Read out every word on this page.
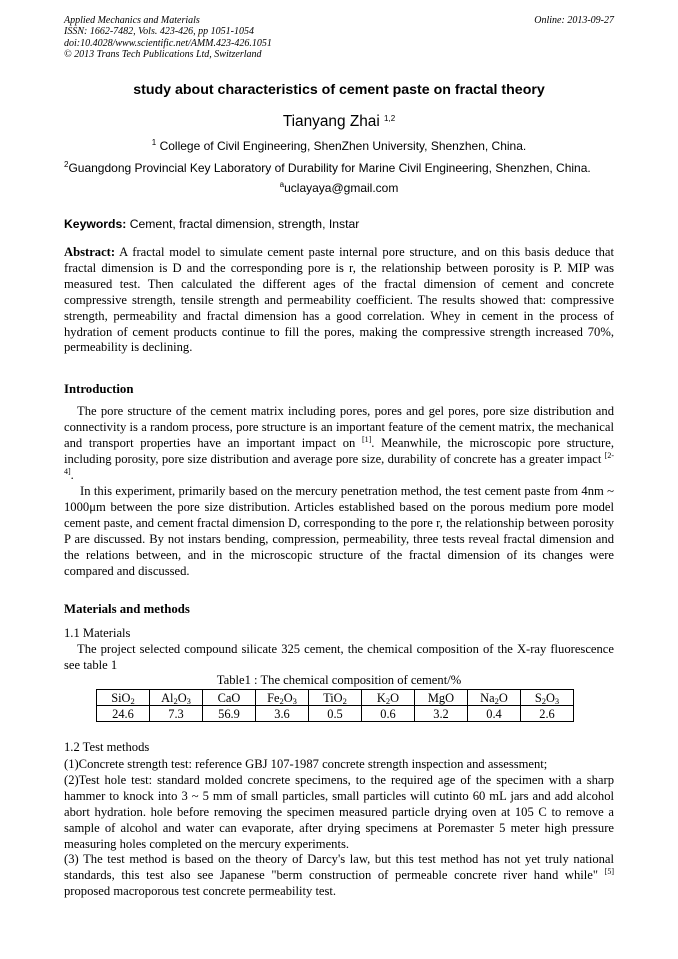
Applied Mechanics and Materials
ISSN: 1662-7482, Vols. 423-426, pp 1051-1054
doi:10.4028/www.scientific.net/AMM.423-426.1051
© 2013 Trans Tech Publications Ltd, Switzerland
Online: 2013-09-27
study about characteristics of cement paste on fractal theory
Tianyang Zhai $^{1,2}$
$^1$ College of Civil Engineering, ShenZhen University, Shenzhen, China.
$^2$Guangdong Provincial Key Laboratory of Durability for Marine Civil Engineering, Shenzhen, China.
$^a$uclayaya@gmail.com
Keywords: Cement, fractal dimension, strength, Instar

Abstract: A fractal model to simulate cement paste internal pore structure, and on this basis deduce that fractal dimension is D and the corresponding pore is r, the relationship between porosity is P. MIP was measured test. Then calculated the different ages of the fractal dimension of cement and concrete compressive strength, tensile strength and permeability coefficient. The results showed that: compressive strength, permeability and fractal dimension has a good correlation. Whey in cement in the process of hydration of cement products continue to fill the pores, making the compressive strength increased 70%, permeability is declining.

Introduction

The pore structure of the cement matrix including pores, pores and gel pores, pore size distribution and connectivity is a random process, pore structure is an important feature of the cement matrix, the mechanical and transport properties have an important impact on [1]. Meanwhile, the microscopic pore structure, including porosity, pore size distribution and average pore size, durability of concrete has a greater impact [2-4].

In this experiment, primarily based on the mercury penetration method, the test cement paste from 4nm ~ 1000μm between the pore size distribution. Articles established based on the porous medium pore model cement paste, and cement fractal dimension D, corresponding to the pore r, the relationship between porosity P are discussed. By not instars bending, compression, permeability, three tests reveal fractal dimension and the relations between, and in the microscopic structure of the fractal dimension of its changes were compared and discussed.

Materials and methods
1.1 Materials

The project selected compound silicate 325 cement, the chemical composition of the X-ray fluorescence see table 1

Table1 : The chemical composition of cement/%
SiO$_2$	$Al_2O_3$	CaO	$Fe_2O_3$	TiO$_2$	$K_2O$	MgO	$Na_2O$	$S_2O_3$
24.6	7.3	56.9	3.6	0.5	0.6	3.2	0.4	2.6
1.2 Test methods

(1)Concrete strength test: reference GBJ 107-1987 concrete strength inspection and assessment;

(2)Test hole test: standard molded concrete specimens, to the required age of the specimen with a sharp hammer to knock into 3 ~ 5 mm of small particles, small particles will cutinto 60 mL jars and add alcohol abort hydration. hole before removing the specimen measured particle drying oven at 105 C to remove a sample of alcohol and water can evaporate, after drying specimens at Poremaster 5 meter high pressure measuring holes completed on the mercury experiments.

(3) The test method is based on the theory of Darcy's law, but this test method has not yet truly national standards, this test also see Japanese "berm construction of permeable concrete river hand while" [5] proposed macroporous test concrete permeability test.
